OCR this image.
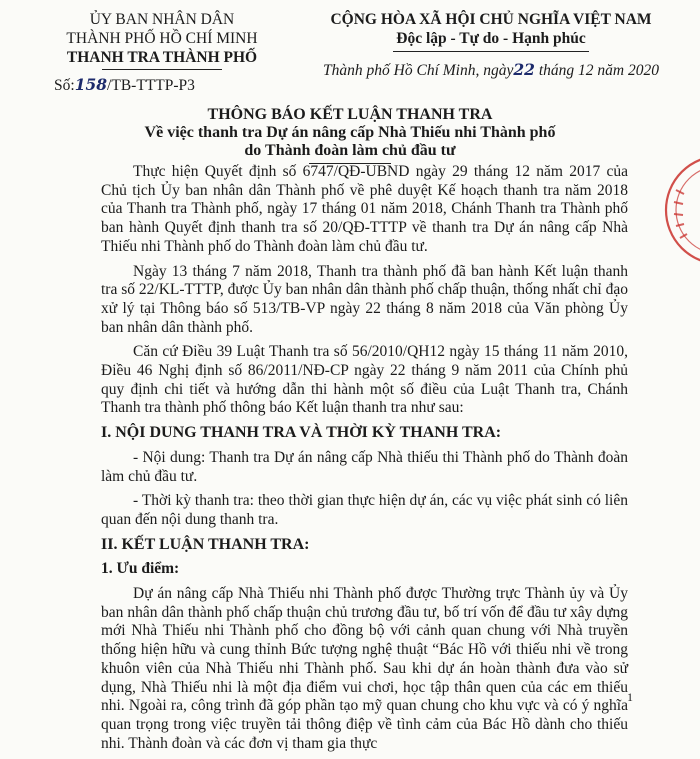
ỦY BAN NHÂN DÂN
THÀNH PHỐ HỒ CHÍ MINH
THANH TRA THÀNH PHỐ
Số:158/TB-TTTP-P3
CỘNG HÒA XÃ HỘI CHỦ NGHĨA VIỆT NAM
Độc lập - Tự do - Hạnh phúc
Thành phố Hồ Chí Minh, ngày22 tháng 12 năm 2020
THÔNG BÁO KẾT LUẬN THANH TRA
Về việc thanh tra Dự án nâng cấp Nhà Thiếu nhi Thành phố
do Thành đoàn làm chủ đầu tư

Thực hiện Quyết định số 6747/QĐ-UBND ngày 29 tháng 12 năm 2017 của Chủ tịch Ủy ban nhân dân Thành phố về phê duyệt Kế hoạch thanh tra năm 2018 của Thanh tra Thành phố, ngày 17 tháng 01 năm 2018, Chánh Thanh tra Thành phố ban hành Quyết định thanh tra số 20/QĐ-TTTP về thanh tra Dự án nâng cấp Nhà Thiếu nhi Thành phố do Thành đoàn làm chủ đầu tư.

Ngày 13 tháng 7 năm 2018, Thanh tra thành phố đã ban hành Kết luận thanh tra số 22/KL-TTTP, được Ủy ban nhân dân thành phố chấp thuận, thống nhất chỉ đạo xử lý tại Thông báo số 513/TB-VP ngày 22 tháng 8 năm 2018 của Văn phòng Ủy ban nhân dân thành phố.

Căn cứ Điều 39 Luật Thanh tra số 56/2010/QH12 ngày 15 tháng 11 năm 2010, Điều 46 Nghị định số 86/2011/NĐ-CP ngày 22 tháng 9 năm 2011 của Chính phủ quy định chi tiết và hướng dẫn thi hành một số điều của Luật Thanh tra, Chánh Thanh tra thành phố thông báo Kết luận thanh tra như sau:

I. NỘI DUNG THANH TRA VÀ THỜI KỲ THANH TRA:

- Nội dung: Thanh tra Dự án nâng cấp Nhà thiếu thi Thành phố do Thành đoàn làm chủ đầu tư.

- Thời kỳ thanh tra: theo thời gian thực hiện dự án, các vụ việc phát sinh có liên quan đến nội dung thanh tra.

II. KẾT LUẬN THANH TRA:
1. Ưu điểm:

Dự án nâng cấp Nhà Thiếu nhi Thành phố được Thường trực Thành ủy và Ủy ban nhân dân thành phố chấp thuận chủ trương đầu tư, bố trí vốn để đầu tư xây dựng mới Nhà Thiếu nhi Thành phố cho đồng bộ với cảnh quan chung với Nhà truyền thống hiện hữu và cung thỉnh Bức tượng nghệ thuật “Bác Hồ với thiếu nhi về trong khuôn viên của Nhà Thiếu nhi Thành phố. Sau khi dự án hoàn thành đưa vào sử dụng, Nhà Thiếu nhi là một địa điểm vui chơi, học tập thân quen của các em thiếu nhi. Ngoài ra, công trình đã góp phần tạo mỹ quan chung cho khu vực và có ý nghĩa quan trọng trong việc truyền tải thông điệp về tình cảm của Bác Hồ dành cho thiếu nhi. Thành đoàn và các đơn vị tham gia thực

1
